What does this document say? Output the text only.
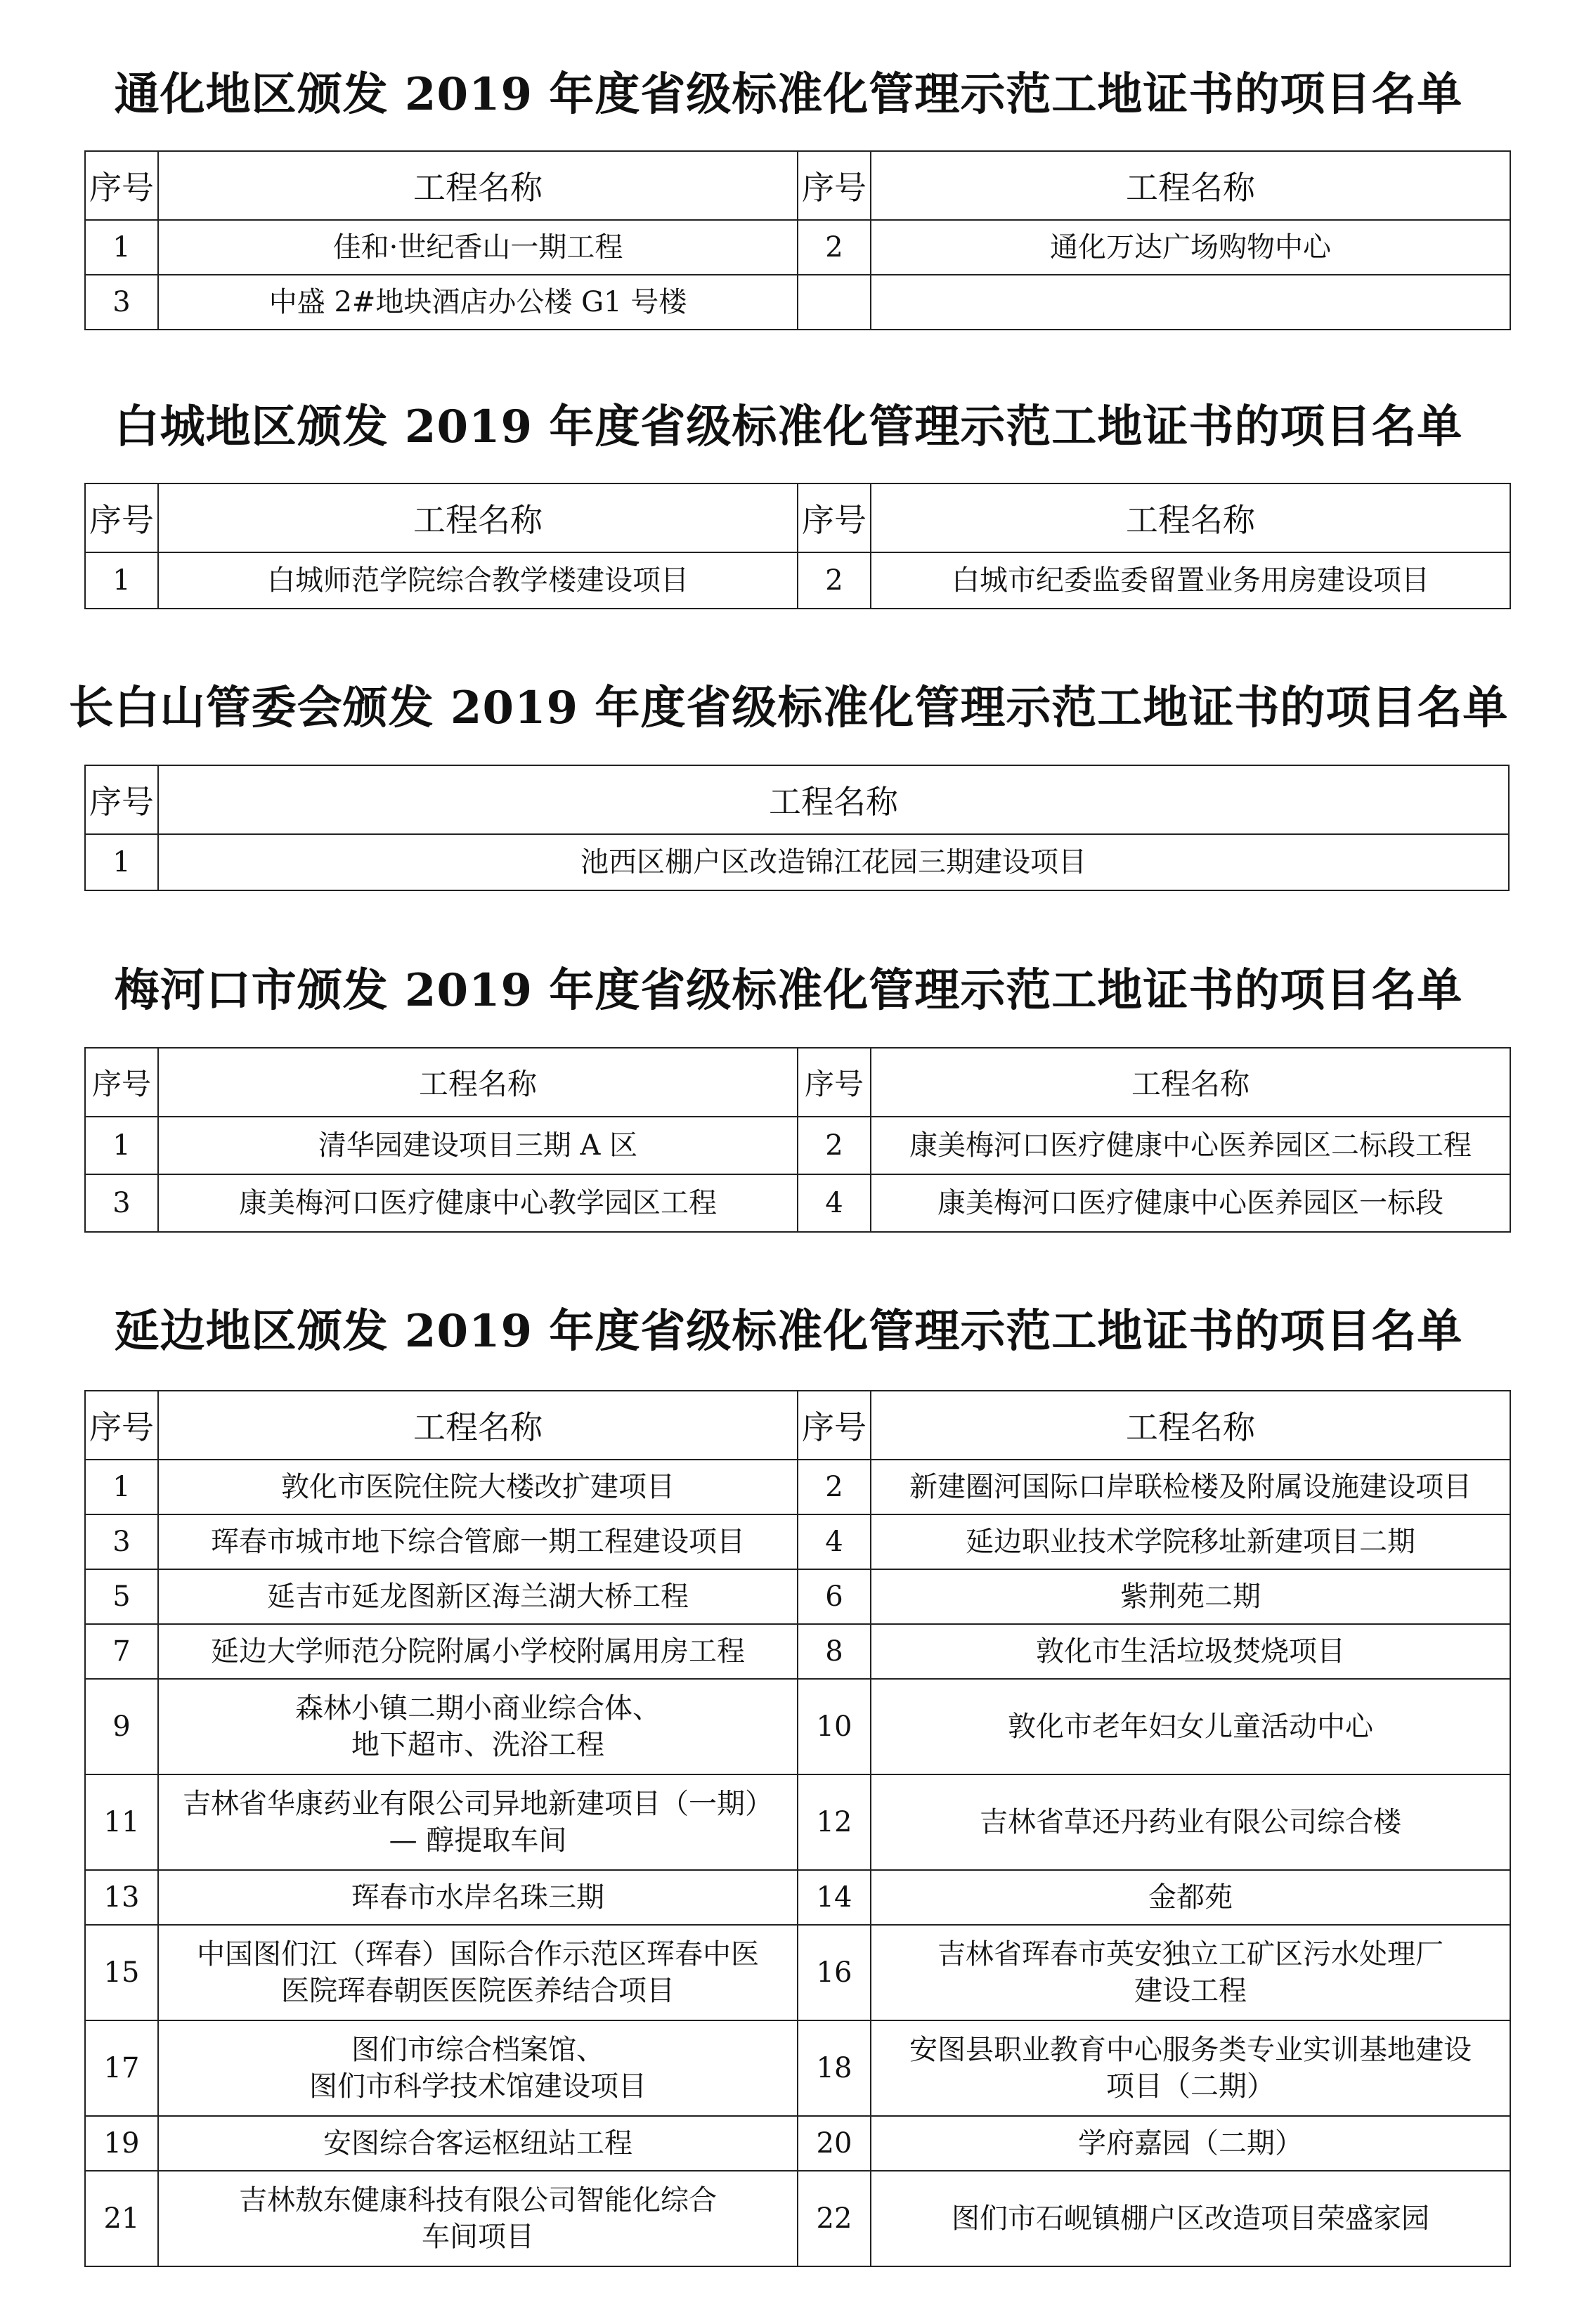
通化地区颁发 2019 年度省级标准化管理示范工地证书的项目名单
序号	工程名称	序号	工程名称
1	佳和·世纪香山一期工程	2	通化万达广场购物中心
3	中盛 2#地块酒店办公楼 G1 号楼		
白城地区颁发 2019 年度省级标准化管理示范工地证书的项目名单
序号	工程名称	序号	工程名称
1	白城师范学院综合教学楼建设项目	2	白城市纪委监委留置业务用房建设项目
长白山管委会颁发 2019 年度省级标准化管理示范工地证书的项目名单
序号	工程名称
1	池西区棚户区改造锦江花园三期建设项目
梅河口市颁发 2019 年度省级标准化管理示范工地证书的项目名单
序号	工程名称	序号	工程名称
1	清华园建设项目三期 A 区	2	康美梅河口医疗健康中心医养园区二标段工程
3	康美梅河口医疗健康中心教学园区工程	4	康美梅河口医疗健康中心医养园区一标段
延边地区颁发 2019 年度省级标准化管理示范工地证书的项目名单
序号	工程名称	序号	工程名称
1	敦化市医院住院大楼改扩建项目	2	新建圈河国际口岸联检楼及附属设施建设项目

3	珲春市城市地下综合管廊一期工程建设项目	4	延边职业技术学院移址新建项目二期

5	延吉市延龙图新区海兰湖大桥工程	6	紫荆苑二期

7	延边大学师范分院附属小学校附属用房工程	8	敦化市生活垃圾焚烧项目

9	森林小镇二期小商业综合体、
地下超市、洗浴工程	10	敦化市老年妇女儿童活动中心

11	吉林省华康药业有限公司异地新建项目（一期）
— 醇提取车间	12	吉林省草还丹药业有限公司综合楼

13	珲春市水岸名珠三期	14	金都苑

15	中国图们江（珲春）国际合作示范区珲春中医
医院珲春朝医医院医养结合项目	16	吉林省珲春市英安独立工矿区污水处理厂
建设工程

17	图们市综合档案馆、
图们市科学技术馆建设项目	18	安图县职业教育中心服务类专业实训基地建设
项目（二期）

19	安图综合客运枢纽站工程	20	学府嘉园（二期）

21	吉林敖东健康科技有限公司智能化综合
车间项目	22	图们市石岘镇棚户区改造项目荣盛家园
